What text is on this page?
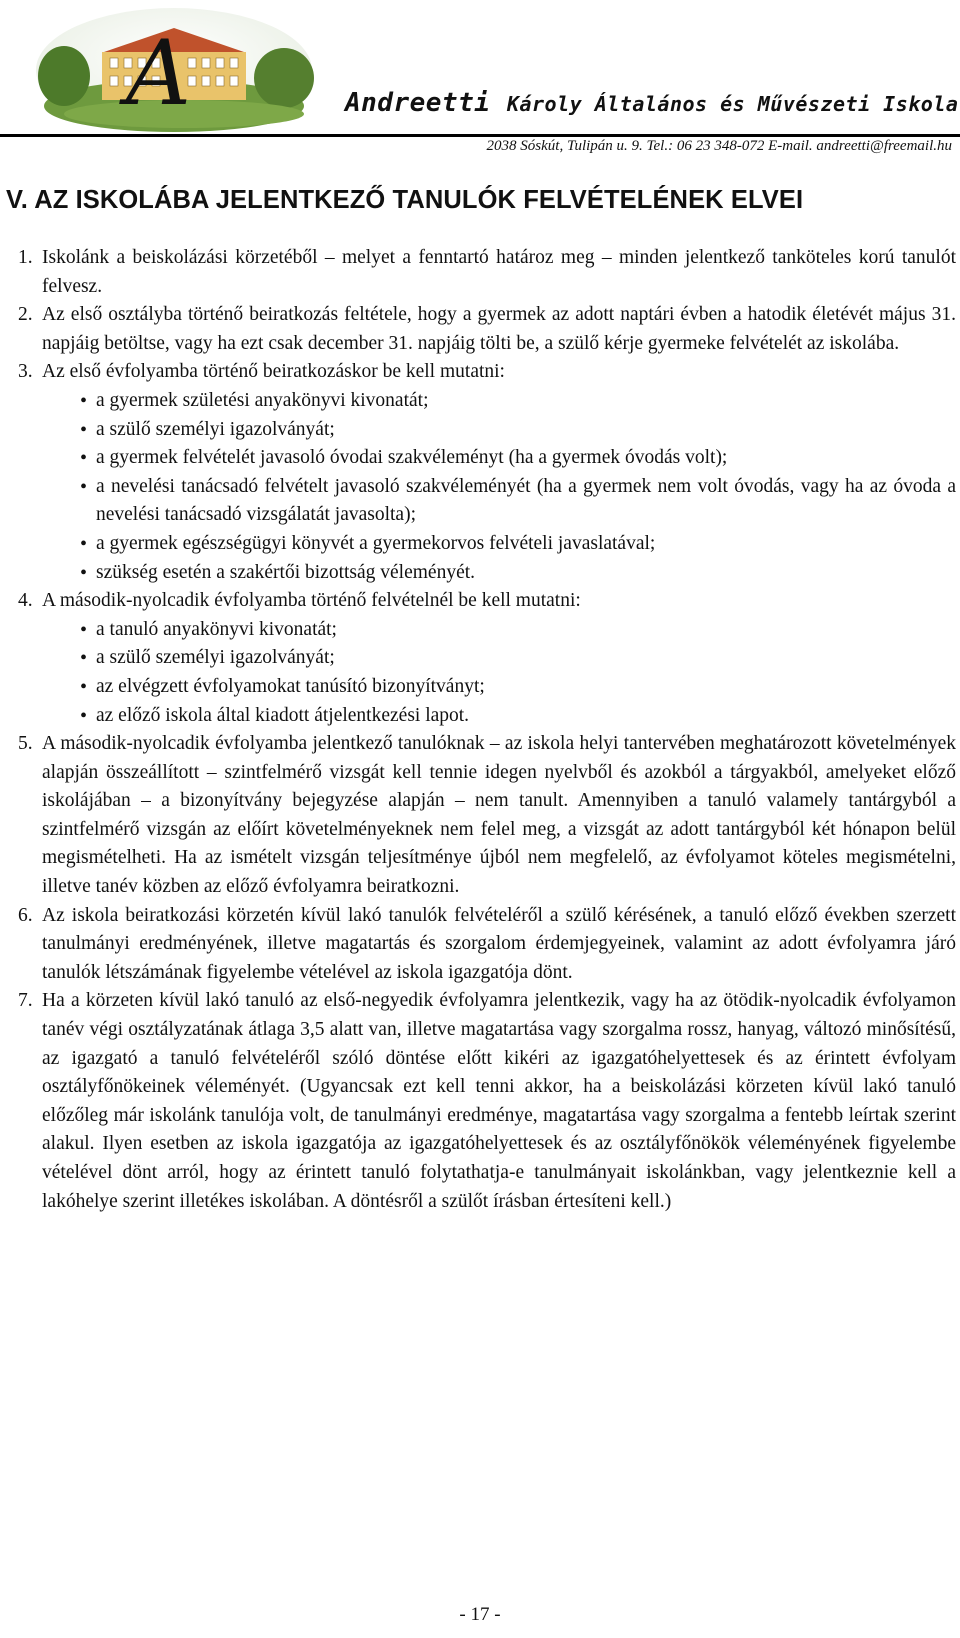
A	Andreetti Károly Általános és Művészeti Iskola
2038 Sóskút, Tulipán u. 9. Tel.: 06 23 348-072 E-mail. andreetti@freemail.hu
V. AZ ISKOLÁBA JELENTKEZŐ TANULÓK FELVÉTELÉNEK ELVEI
1. Iskolánk a beiskolázási körzetéből – melyet a fenntartó határoz meg – minden jelentkező tanköteles korú tanulót felvesz.
2. Az első osztályba történő beiratkozás feltétele, hogy a gyermek az adott naptári évben a hatodik életévét május 31. napjáig betöltse, vagy ha ezt csak december 31. napjáig tölti be, a szülő kérje gyermeke felvételét az iskolába.
3. Az első évfolyamba történő beiratkozáskor be kell mutatni:
• a gyermek születési anyakönyvi kivonatát;
• a szülő személyi igazolványát;
• a gyermek felvételét javasoló óvodai szakvéleményt (ha a gyermek óvodás volt);
• a nevelési tanácsadó felvételt javasoló szakvéleményét (ha a gyermek nem volt óvodás, vagy ha az óvoda a nevelési tanácsadó vizsgálatát javasolta);
• a gyermek egészségügyi könyvét a gyermekorvos felvételi javaslatával;
• szükség esetén a szakértői bizottság véleményét.
4. A második-nyolcadik évfolyamba történő felvételnél be kell mutatni:
• a tanuló anyakönyvi kivonatát;
• a szülő személyi igazolványát;
• az elvégzett évfolyamokat tanúsító bizonyítványt;
• az előző iskola által kiadott átjelentkezési lapot.
5. A második-nyolcadik évfolyamba jelentkező tanulóknak – az iskola helyi tantervében meghatározott követelmények alapján összeállított – szintfelmérő vizsgát kell tennie idegen nyelvből és azokból a tárgyakból, amelyeket előző iskolájában – a bizonyítvány bejegyzése alapján – nem tanult. Amennyiben a tanuló valamely tantárgyból a szintfelmérő vizsgán az előírt követelményeknek nem felel meg, a vizsgát az adott tantárgyból két hónapon belül megismételheti. Ha az ismételt vizsgán teljesítménye újból nem megfelelő, az évfolyamot köteles megismételni, illetve tanév közben az előző évfolyamra beiratkozni.
6. Az iskola beiratkozási körzetén kívül lakó tanulók felvételéről a szülő kérésének, a tanuló előző években szerzett tanulmányi eredményének, illetve magatartás és szorgalom érdemjegyeinek, valamint az adott évfolyamra járó tanulók létszámának figyelembe vételével az iskola igazgatója dönt.
7. Ha a körzeten kívül lakó tanuló az első-negyedik évfolyamra jelentkezik, vagy ha az ötödik-nyolcadik évfolyamon tanév végi osztályzatának átlaga 3,5 alatt van, illetve magatartása vagy szorgalma rossz, hanyag, változó minősítésű, az igazgató a tanuló felvételéről szóló döntése előtt kikéri az igazgatóhelyettesek és az érintett évfolyam osztályfőnökeinek véleményét. (Ugyancsak ezt kell tenni akkor, ha a beiskolázási körzeten kívül lakó tanuló előzőleg már iskolánk tanulója volt, de tanulmányi eredménye, magatartása vagy szorgalma a fentebb leírtak szerint alakul. Ilyen esetben az iskola igazgatója az igazgatóhelyettesek és az osztályfőnökök véleményének figyelembe vételével dönt arról, hogy az érintett tanuló folytathatja-e tanulmányait iskolánkban, vagy jelentkeznie kell a lakóhelye szerint illetékes iskolában. A döntésről a szülőt írásban értesíteni kell.)
- 17 -
